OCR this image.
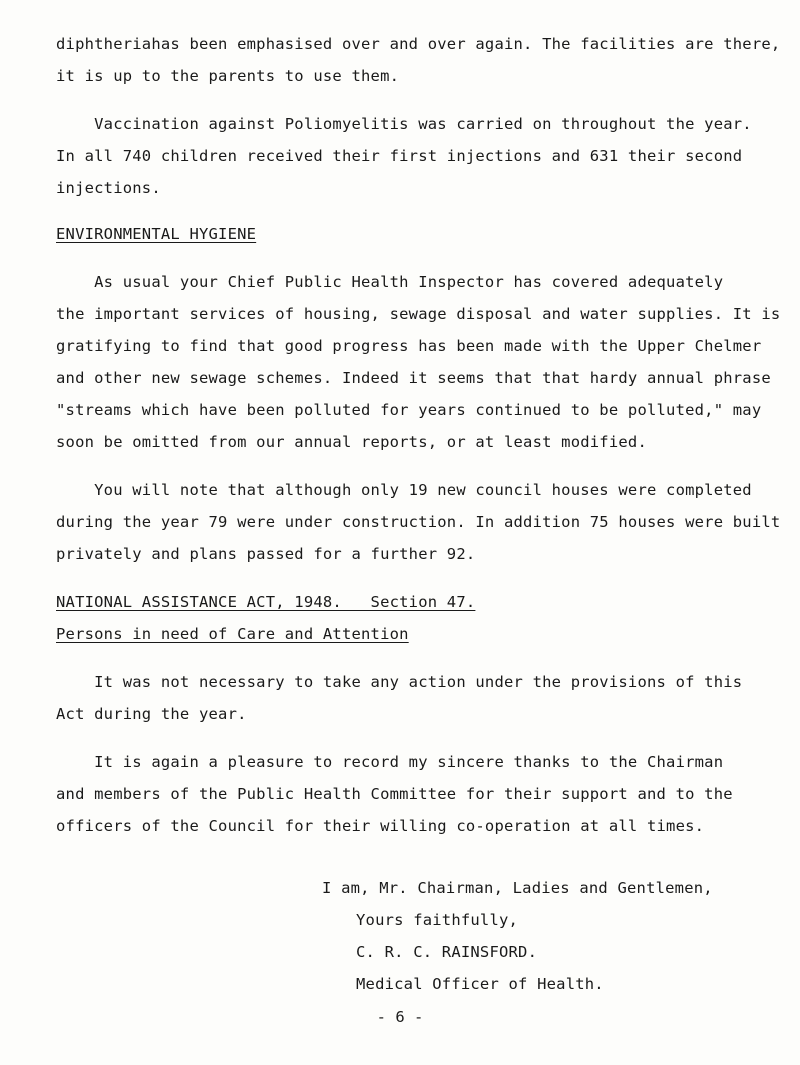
diphtheriahas been emphasised over and over again. The facilities are there,
it is up to the parents to use them.
Vaccination against Poliomyelitis was carried on throughout the year.
In all 740 children received their first injections and 631 their second
injections.
ENVIRONMENTAL HYGIENE
As usual your Chief Public Health Inspector has covered adequately
the important services of housing, sewage disposal and water supplies. It is
gratifying to find that good progress has been made with the Upper Chelmer
and other new sewage schemes. Indeed it seems that that hardy annual phrase
"streams which have been polluted for years continued to be polluted," may
soon be omitted from our annual reports, or at least modified.
You will note that although only 19 new council houses were completed
during the year 79 were under construction. In addition 75 houses were built
privately and plans passed for a further 92.
NATIONAL ASSISTANCE ACT, 1948.   Section 47.
Persons in need of Care and Attention
It was not necessary to take any action under the provisions of this
Act during the year.
It is again a pleasure to record my sincere thanks to the Chairman
and members of the Public Health Committee for their support and to the
officers of the Council for their willing co-operation at all times.
I am, Mr. Chairman, Ladies and Gentlemen,
Yours faithfully,
C. R. C. RAINSFORD.
Medical Officer of Health.
- 6 -
